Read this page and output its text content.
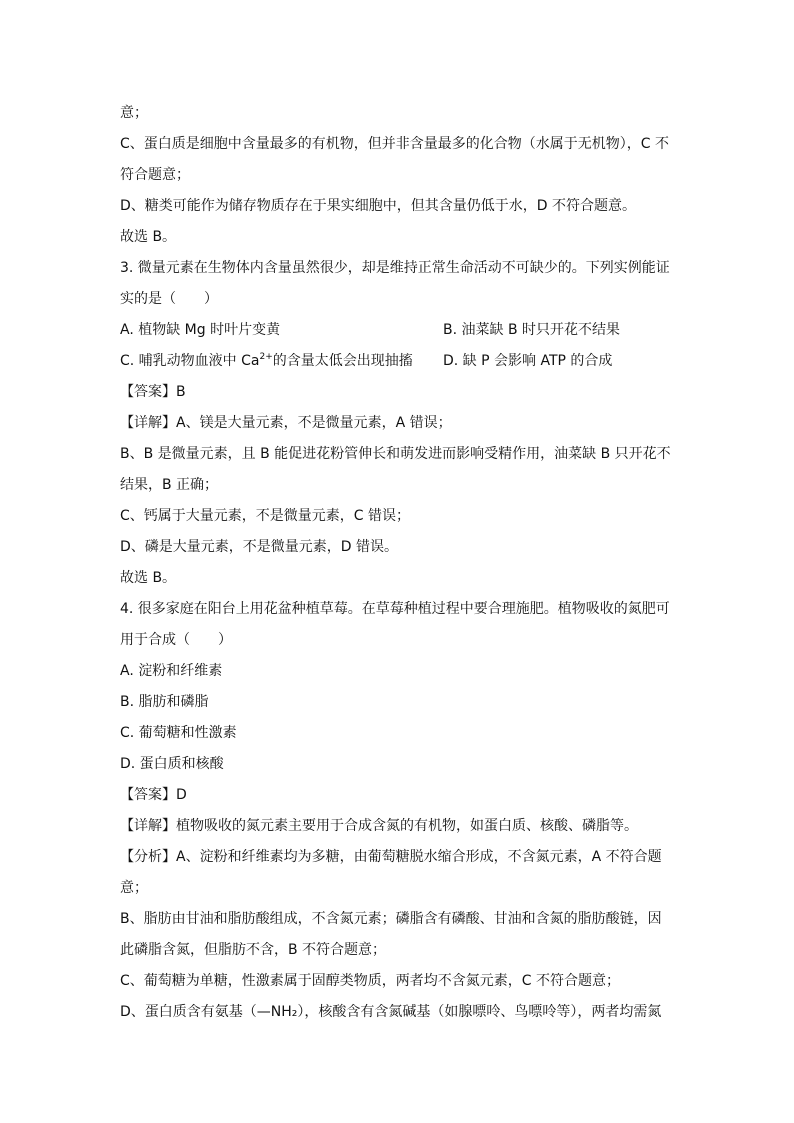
意；
C、蛋白质是细胞中含量最多的有机物，但并非含量最多的化合物（水属于无机物），C 不
符合题意；
D、糖类可能作为储存物质存在于果实细胞中，但其含量仍低于水，D 不符合题意。
故选 B。
3. 微量元素在生物体内含量虽然很少，却是维持正常生命活动不可缺少的。下列实例能证
实的是（　　）
A. 植物缺 Mg 时叶片变黄	B. 油菜缺 B 时只开花不结果
C. 哺乳动物血液中 $Ca^{2+}$的含量太低会出现抽搐	D. 缺 P 会影响 ATP 的合成
【答案】B
【详解】A、镁是大量元素，不是微量元素，A 错误；
B、B 是微量元素，且 B 能促进花粉管伸长和萌发进而影响受精作用，油菜缺 B 只开花不
结果，B 正确；
C、钙属于大量元素，不是微量元素，C 错误；
D、磷是大量元素，不是微量元素，D 错误。
故选 B。
4. 很多家庭在阳台上用花盆种植草莓。在草莓种植过程中要合理施肥。植物吸收的氮肥可
用于合成（　　）
A. 淀粉和纤维素
B. 脂肪和磷脂
C. 葡萄糖和性激素
D. 蛋白质和核酸
【答案】D
【详解】植物吸收的氮元素主要用于合成含氮的有机物，如蛋白质、核酸、磷脂等。
【分析】A、淀粉和纤维素均为多糖，由葡萄糖脱水缩合形成，不含氮元素，A 不符合题
意；
B、脂肪由甘油和脂肪酸组成，不含氮元素；磷脂含有磷酸、甘油和含氮的脂肪酸链，因
此磷脂含氮，但脂肪不含，B 不符合题意；
C、葡萄糖为单糖，性激素属于固醇类物质，两者均不含氮元素，C 不符合题意；
D、蛋白质含有氨基（—NH₂），核酸含有含氮碱基（如腺嘌呤、鸟嘌呤等），两者均需氮
